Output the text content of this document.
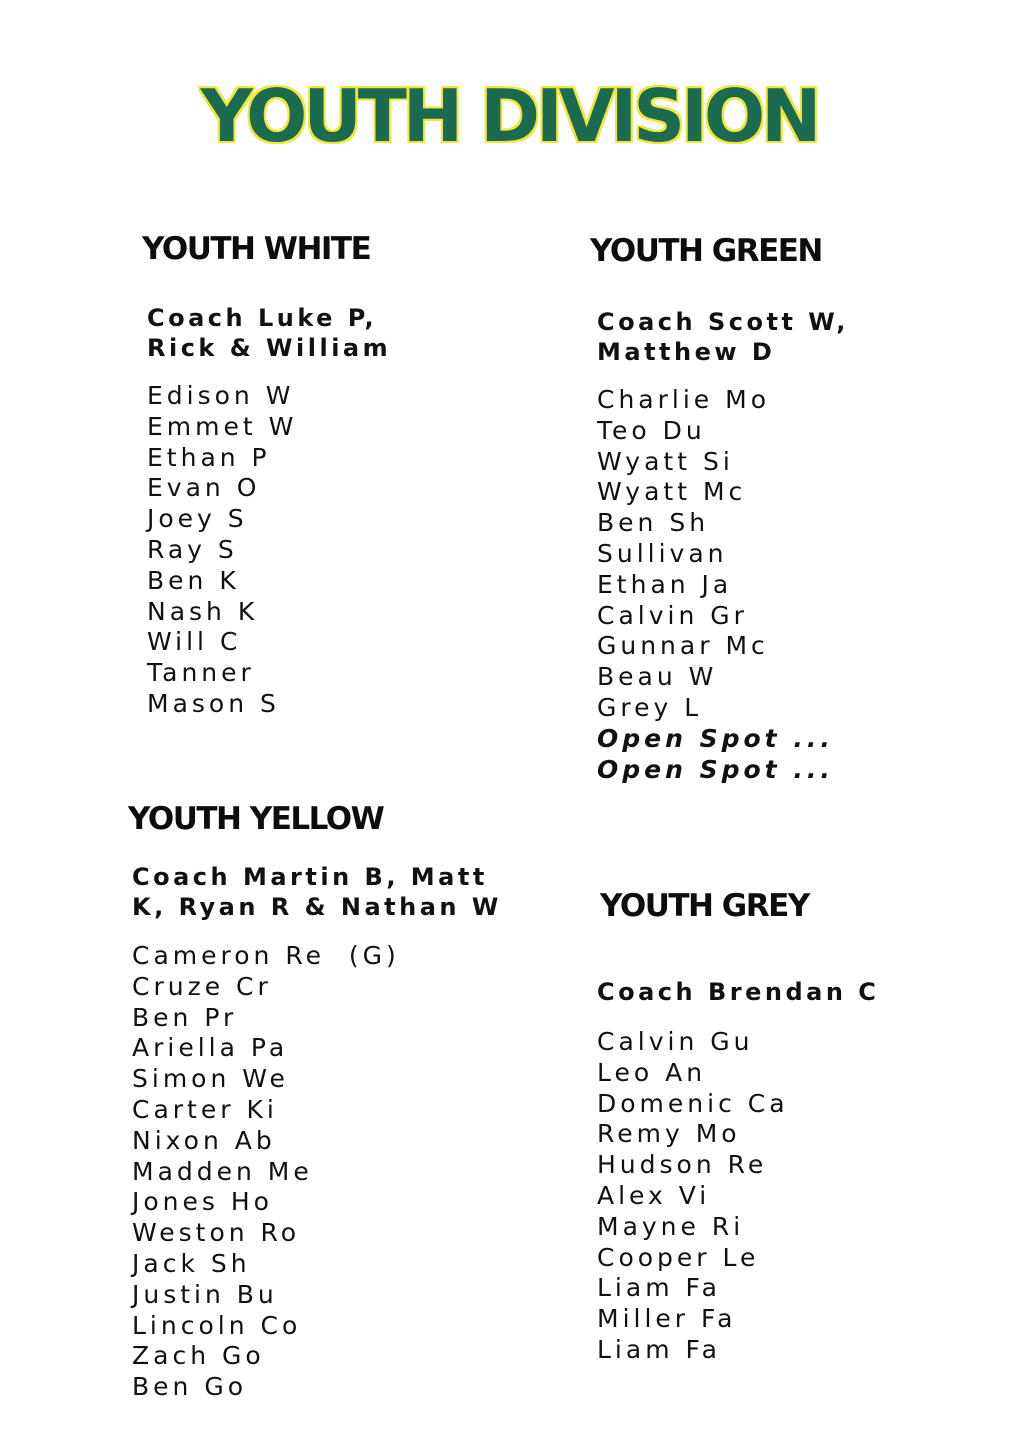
YOUTH DIVISION
YOUTH WHITE
Coach Luke P,
Rick & William
Edison W
Emmet W
Ethan P
Evan O
Joey S
Ray S
Ben K
Nash K
Will C
Tanner
Mason S
YOUTH GREEN
Coach Scott W,
Matthew D
Charlie Mo
Teo Du
Wyatt Si
Wyatt Mc
Ben Sh
Sullivan
Ethan Ja
Calvin Gr
Gunnar Mc
Beau W
Grey L
Open Spot ...
Open Spot ...
YOUTH YELLOW
Coach Martin B, Matt
K, Ryan R & Nathan W
Cameron Re  (G)
Cruze Cr
Ben Pr
Ariella Pa
Simon We
Carter Ki
Nixon Ab
Madden Me
Jones Ho
Weston Ro
Jack Sh
Justin Bu
Lincoln Co
Zach Go
Ben Go
YOUTH GREY
Coach Brendan C
Calvin Gu
Leo An
Domenic Ca
Remy Mo
Hudson Re
Alex Vi
Mayne Ri
Cooper Le
Liam Fa
Miller Fa
Liam Fa
